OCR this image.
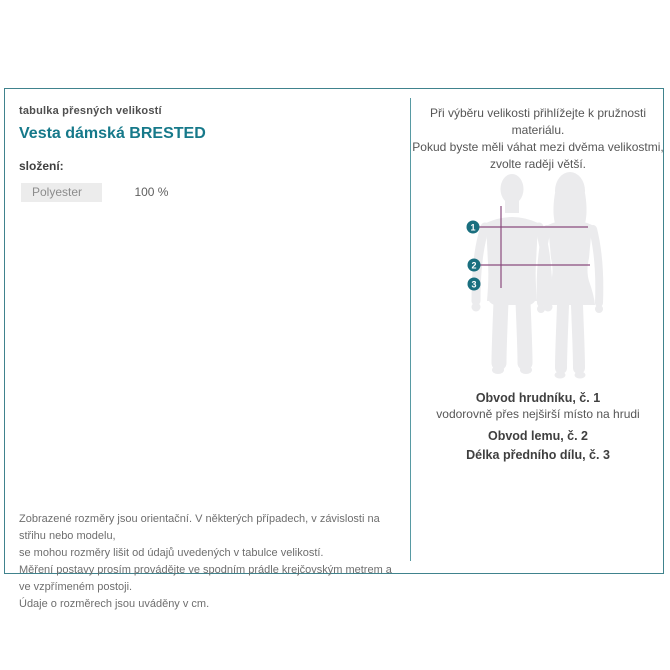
tabulka přesných velikostí
Vesta dámská BRESTED
složení:
Polyester	100 %
Zobrazené rozměry jsou orientační. V některých případech, v závislosti na střihu nebo modelu,
se mohou rozměry lišit od údajů uvedených v tabulce velikostí.
Měření postavy prosím provádějte ve spodním prádle krejčovským metrem a ve vzpřímeném postoji.
Údaje o rozměrech jsou uváděny v cm.
Při výběru velikosti přihlížejte k pružnosti materiálu.
Pokud byste měli váhat mezi dvěma velikostmi,
zvolte raději větší.
1
2
3
Obvod hrudníku, č. 1
vodorovně přes nejširší místo na hrudi
Obvod lemu, č. 2
Délka předního dílu, č. 3
